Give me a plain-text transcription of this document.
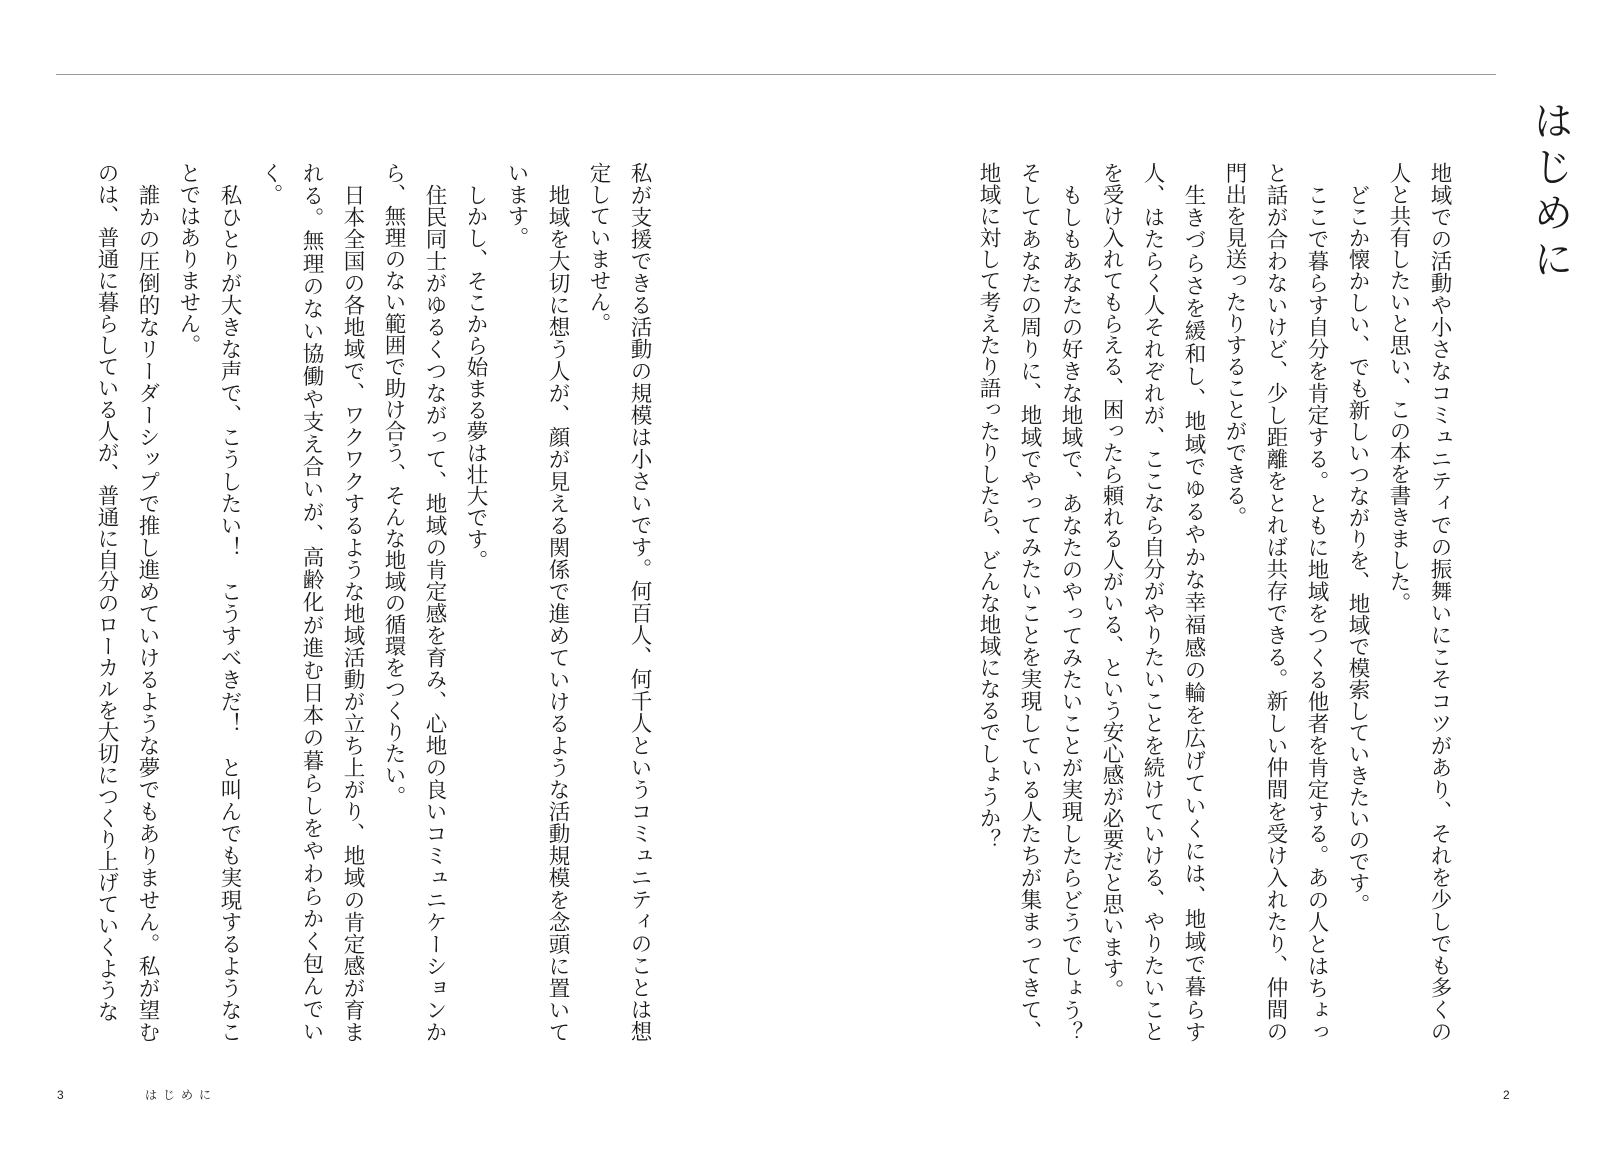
はじめに

地域での活動や小さなコミュニティでの振舞いにこそコツがあり、それを少しでも多くの人と共有したいと思い、この本を書きました。

どこか懐かしい、でも新しいつながりを、地域で模索していきたいのです。

ここで暮らす自分を肯定する。ともに地域をつくる他者を肯定する。あの人とはちょっと話が合わないけど、少し距離をとれば共存できる。新しい仲間を受け入れたり、仲間の門出を見送ったりすることができる。

生きづらさを緩和し、地域でゆるやかな幸福感の輪を広げていくには、地域で暮らす人、はたらく人それぞれが、ここなら自分がやりたいことを続けていける、やりたいことを受け入れてもらえる、困ったら頼れる人がいる、という安心感が必要だと思います。

もしもあなたの好きな地域で、あなたのやってみたいことが実現したらどうでしょう？　そしてあなたの周りに、地域でやってみたいことを実現している人たちが集まってきて、地域に対して考えたり語ったりしたら、どんな地域になるでしょうか？

私が支援できる活動の規模は小さいです。何百人、何千人というコミュニティのことは想定していません。

地域を大切に想う人が、顔が見える関係で進めていけるような活動規模を念頭に置いています。

しかし、そこから始まる夢は壮大です。

住民同士がゆるくつながって、地域の肯定感を育み、心地の良いコミュニケーションから、無理のない範囲で助け合う、そんな地域の循環をつくりたい。

日本全国の各地域で、ワクワクするような地域活動が立ち上がり、地域の肯定感が育まれる。無理のない協働や支え合いが、高齢化が進む日本の暮らしをやわらかく包んでいく。

私ひとりが大きな声で、こうしたい！　こうすべきだ！　と叫んでも実現するようなことではありません。

誰かの圧倒的なリーダーシップで推し進めていけるような夢でもありません。私が望むのは、普通に暮らしている人が、普通に自分のローカルを大切につくり上げていくような

3	はじめに	2
